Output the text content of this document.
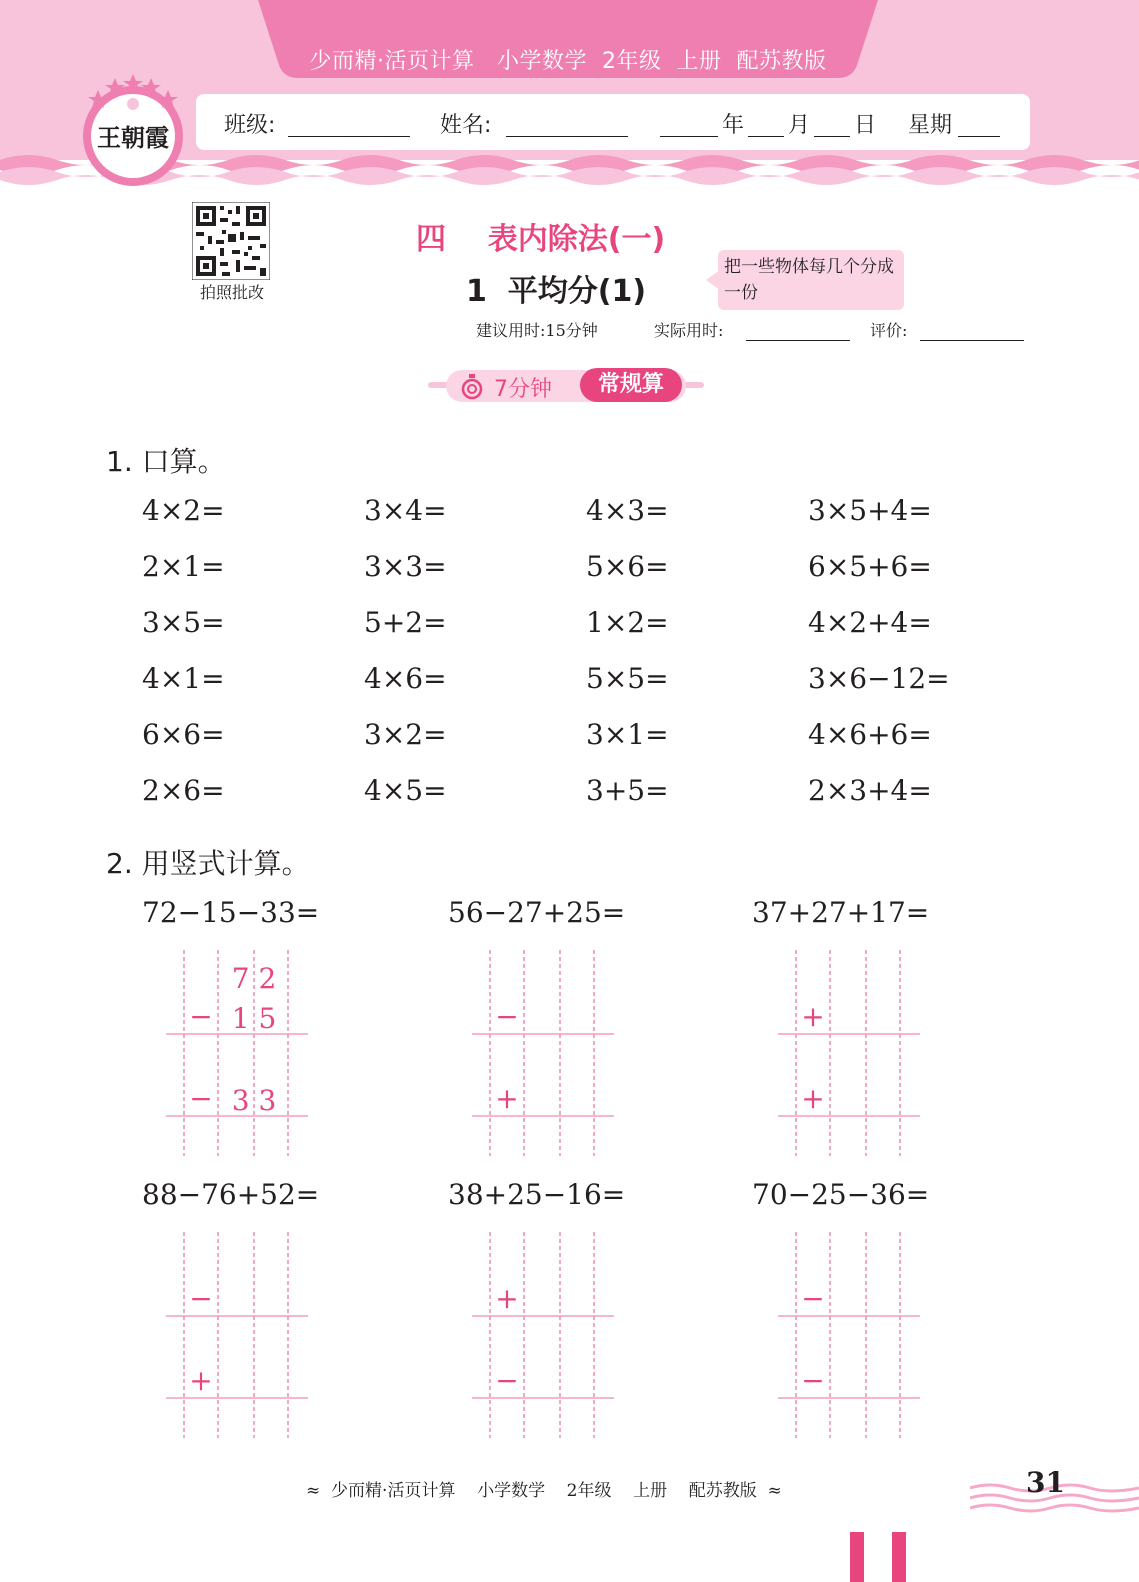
少而精·活页计算　小学数学  2年级  上册  配苏教版
班级:	姓名:	年 月 日 星期
王朝霞
拍照批改
四    表内除法(一)
1  平均分(1)
把一些物体每几个分成一份
建议用时:15分钟	实际用时:	评价:
7分钟	常规算
1. 口算。
4×2=	3×4=	4×3=	3×5+4=
2×1=	3×3=	5×6=	6×5+6=
3×5=	5+2=	1×2=	4×2+4=
4×1=	4×6=	5×5=	3×6−12=
6×6=	3×2=	3×1=	4×6+6=
2×6=	4×5=	3+5=	2×3+4=
2. 用竖式计算。
72−15−33=
−
−
7 2
1 5
3 3
56−27+25=
−
+
37+27+17=
+
+
88−76+52=
−
+
38+25−16=
+
−
70−25−36=
−
−
≈  少而精·活页计算    小学数学    2年级    上册    配苏教版  ≈	31
